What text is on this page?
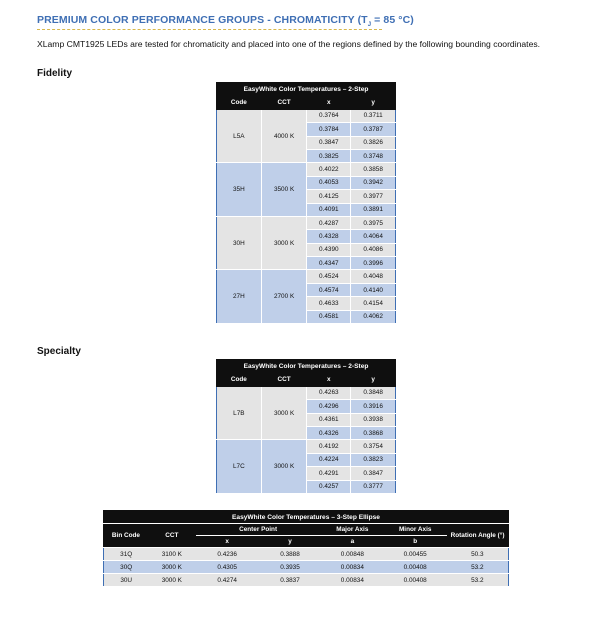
PREMIUM COLOR PERFORMANCE GROUPS - CHROMATICITY ($T_J = 85$ °C)
XLamp CMT1925 LEDs are tested for chromaticity and placed into one of the regions defined by the following bounding coordinates.
Fidelity
EasyWhite Color Temperatures – 2-Step			
Code	CCT	x	y
L5A	4000 K	0.3764	0.3711
		0.3784	0.3787
		0.3847	0.3826
		0.3825	0.3748
35H	3500 K	0.4022	0.3858
		0.4053	0.3942
		0.4125	0.3977
		0.4091	0.3891
30H	3000 K	0.4287	0.3975
		0.4328	0.4064
		0.4390	0.4086
		0.4347	0.3996
27H	2700 K	0.4524	0.4048
		0.4574	0.4140
		0.4633	0.4154
		0.4581	0.4062
Specialty
EasyWhite Color Temperatures – 2-Step			
Code	CCT	x	y
L7B	3000 K	0.4263	0.3848
		0.4296	0.3916
		0.4361	0.3938
		0.4326	0.3868
L7C	3000 K	0.4192	0.3754
		0.4224	0.3823
		0.4291	0.3847
		0.4257	0.3777
EasyWhite Color Temperatures – 3-Step Ellipse						
Bin Code	CCT	Center Point		Major Axis	Minor Axis	Rotation Angle (°)
		x	y	a	b	
31Q	3100 K	0.4236	0.3888	0.00848	0.00455	50.3
30Q	3000 K	0.4305	0.3935	0.00834	0.00408	53.2
30U	3000 K	0.4274	0.3837	0.00834	0.00408	53.2
